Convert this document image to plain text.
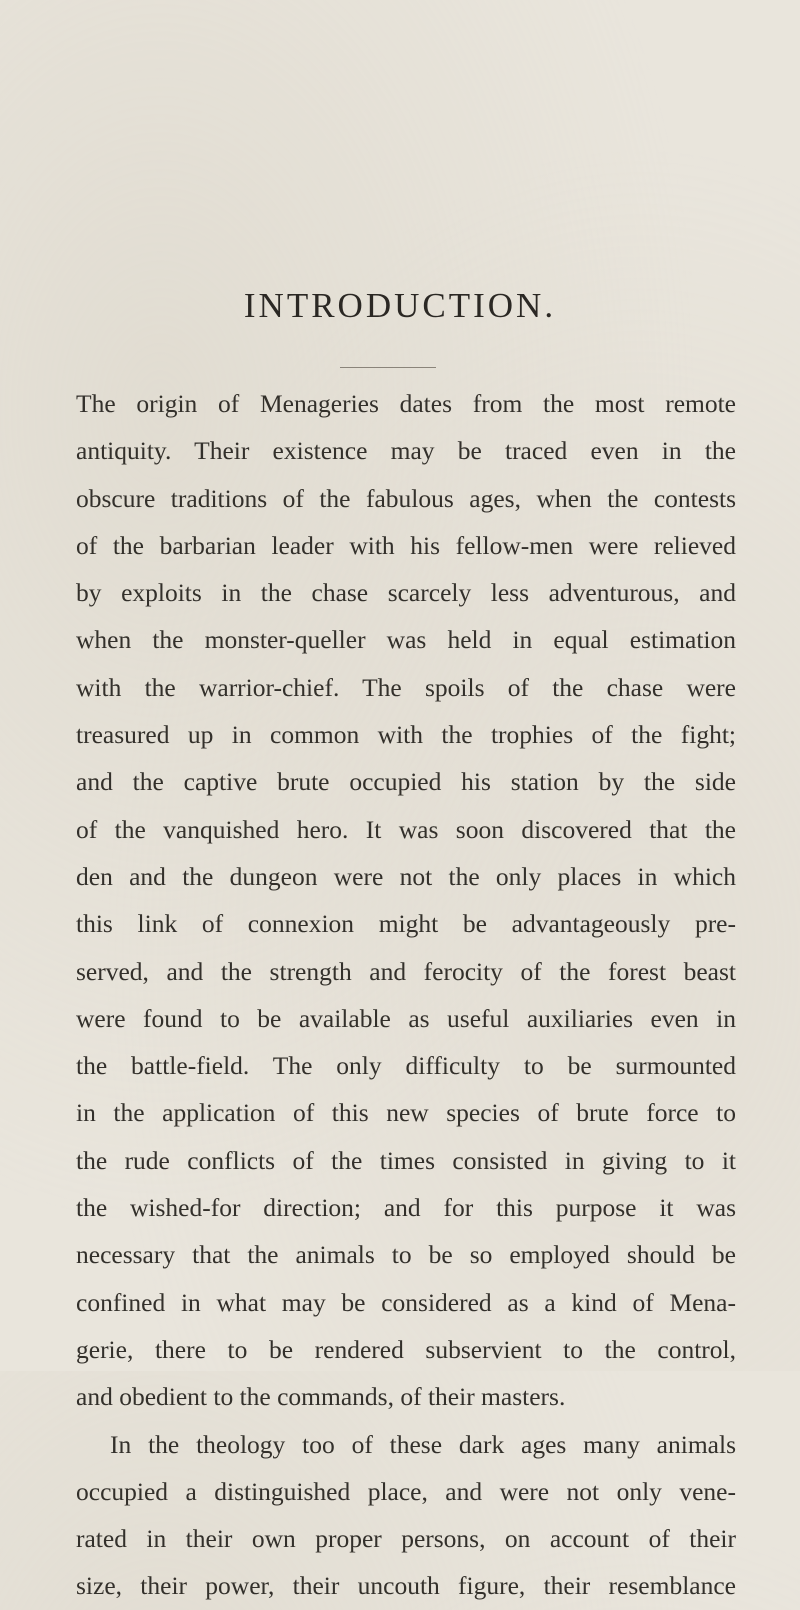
INTRODUCTION.
The origin of Menageries dates from the most remote
antiquity. Their existence may be traced even in the
obscure traditions of the fabulous ages, when the contests
of the barbarian leader with his fellow-men were relieved
by exploits in the chase scarcely less adventurous, and
when the monster-queller was held in equal estimation
with the warrior-chief. The spoils of the chase were
treasured up in common with the trophies of the fight;
and the captive brute occupied his station by the side
of the vanquished hero. It was soon discovered that the
den and the dungeon were not the only places in which
this link of connexion might be advantageously pre-
served, and the strength and ferocity of the forest beast
were found to be available as useful auxiliaries even in
the battle-field. The only difficulty to be surmounted
in the application of this new species of brute force to
the rude conflicts of the times consisted in giving to it
the wished-for direction; and for this purpose it was
necessary that the animals to be so employed should be
confined in what may be considered as a kind of Mena-
gerie, there to be rendered subservient to the control,
and obedient to the commands, of their masters.
In the theology too of these dark ages many animals
occupied a distinguished place, and were not only vene-
rated in their own proper persons, on account of their
size, their power, their uncouth figure, their resemblance
